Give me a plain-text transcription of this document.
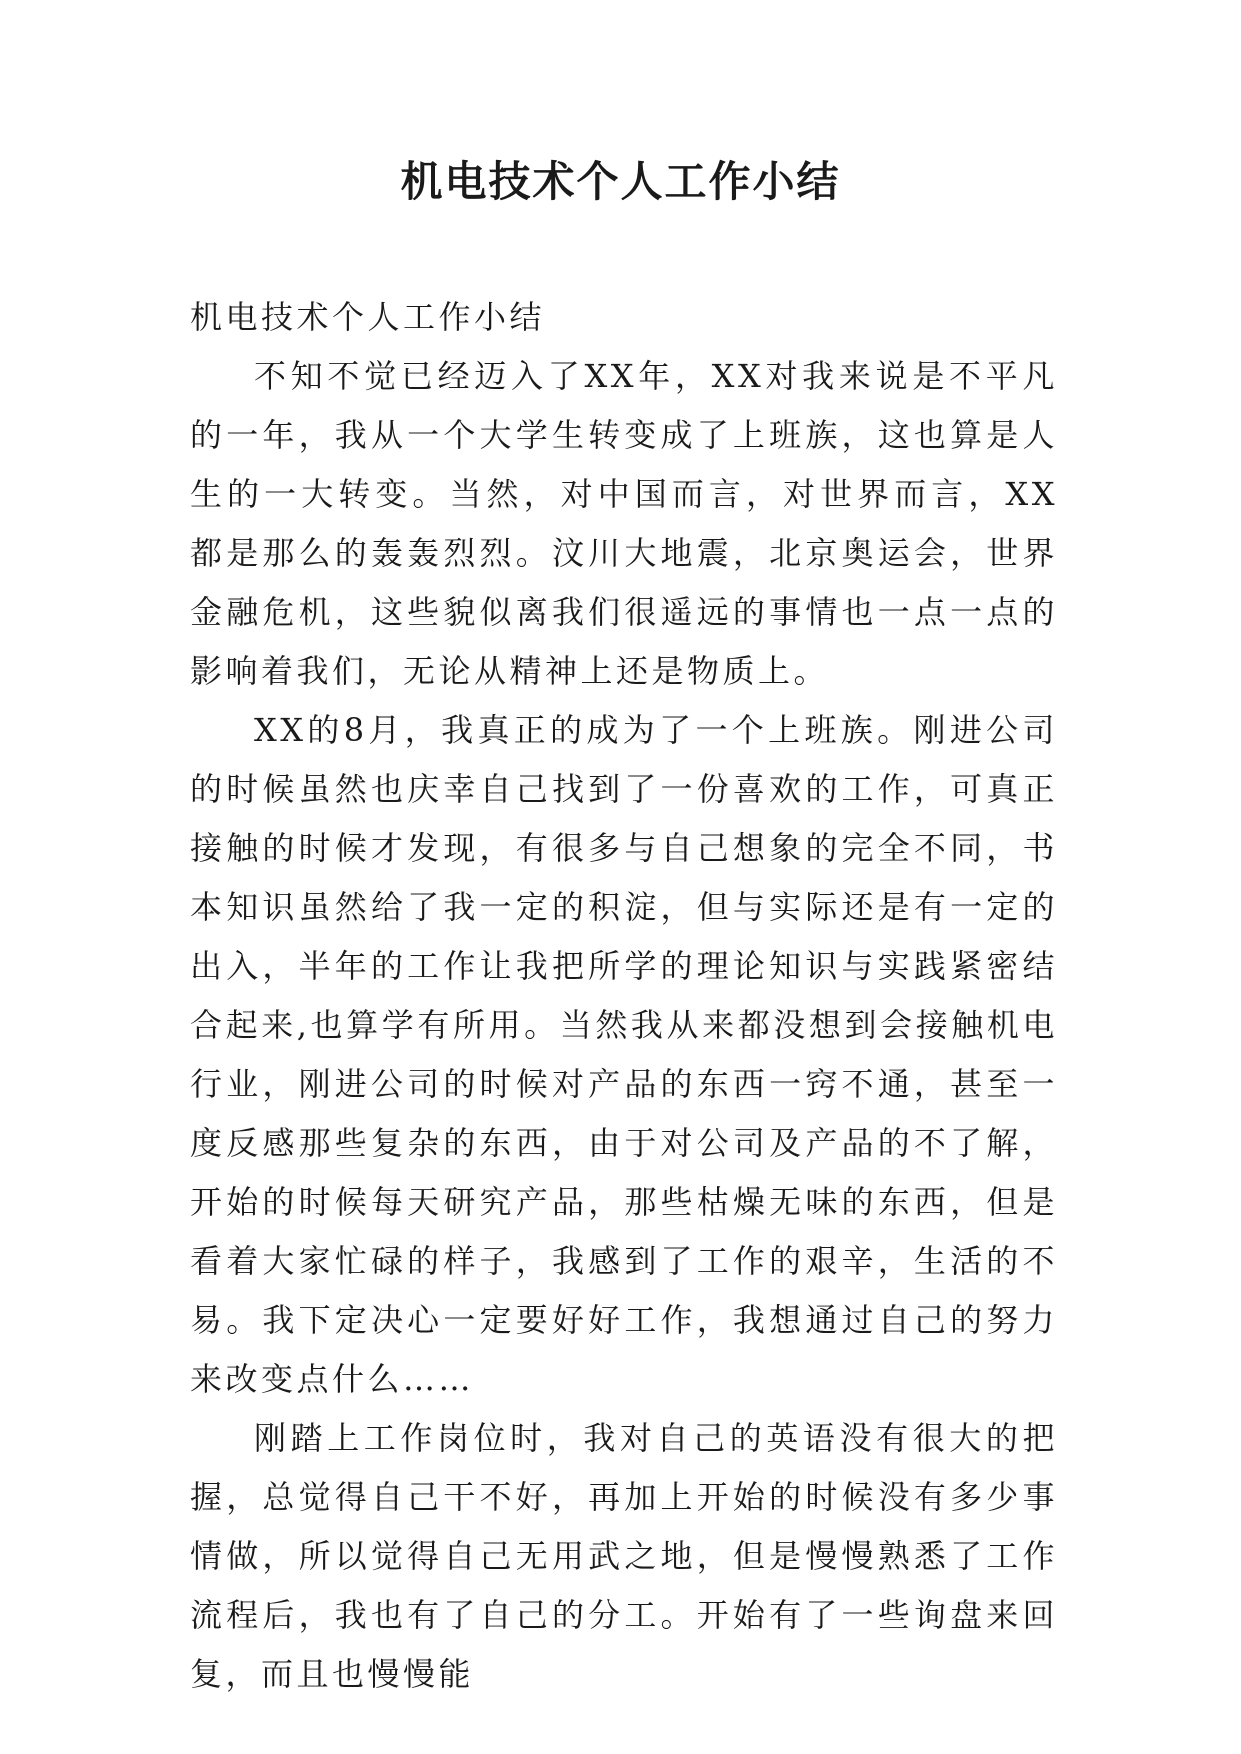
机电技术个人工作小结

机电技术个人工作小结

不知不觉已经迈入了XX年，XX对我来说是不平凡的一年，我从一个大学生转变成了上班族，这也算是人生的一大转变。当然，对中国而言，对世界而言，XX都是那么的轰轰烈烈。汶川大地震，北京奥运会，世界金融危机，这些貌似离我们很遥远的事情也一点一点的影响着我们，无论从精神上还是物质上。

XX的8月，我真正的成为了一个上班族。刚进公司的时候虽然也庆幸自己找到了一份喜欢的工作，可真正接触的时候才发现，有很多与自己想象的完全不同，书本知识虽然给了我一定的积淀，但与实际还是有一定的出入，半年的工作让我把所学的理论知识与实践紧密结合起来,也算学有所用。当然我从来都没想到会接触机电行业，刚进公司的时候对产品的东西一窍不通，甚至一度反感那些复杂的东西，由于对公司及产品的不了解，开始的时候每天研究产品，那些枯燥无味的东西，但是看着大家忙碌的样子，我感到了工作的艰辛，生活的不易。我下定决心一定要好好工作，我想通过自己的努力来改变点什么……

刚踏上工作岗位时，我对自己的英语没有很大的把握，总觉得自己干不好，再加上开始的时候没有多少事情做，所以觉得自己无用武之地，但是慢慢熟悉了工作流程后，我也有了自己的分工。开始有了一些询盘来回复，而且也慢慢能
